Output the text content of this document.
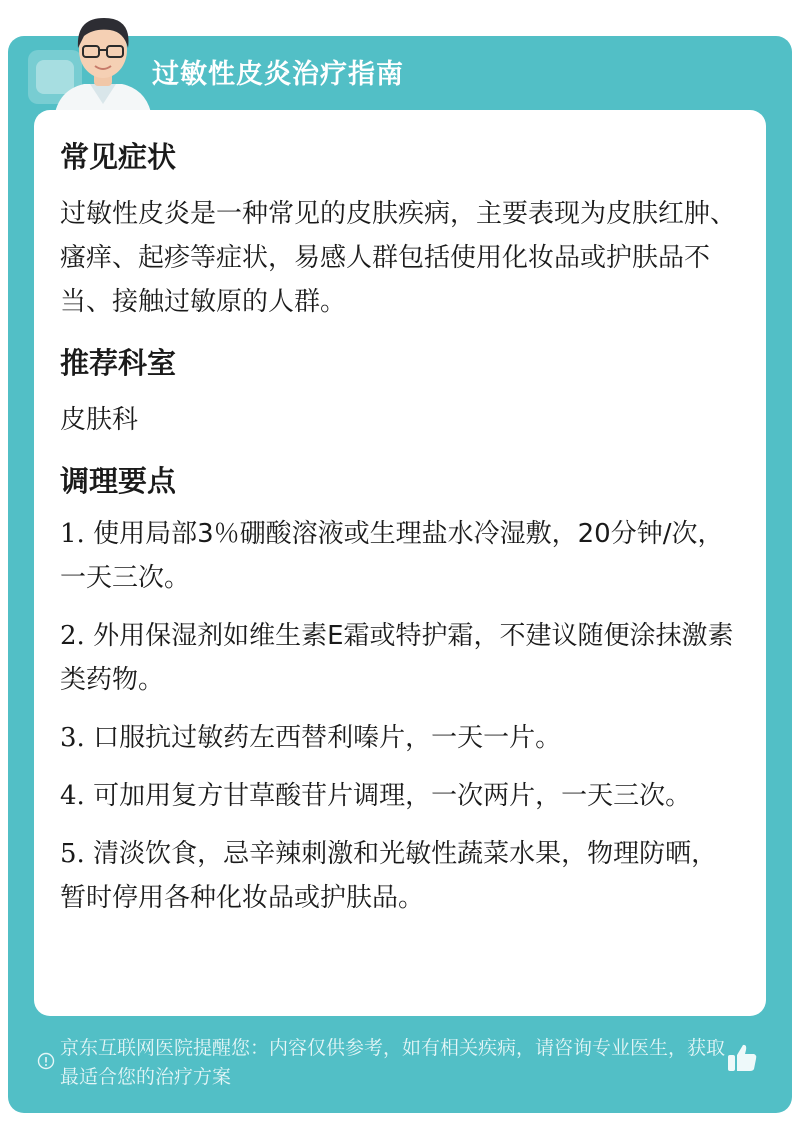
过敏性皮炎治疗指南
常见症状

过敏性皮炎是一种常见的皮肤疾病，主要表现为皮肤红肿、瘙痒、起疹等症状，易感人群包括使用化妆品或护肤品不当、接触过敏原的人群。

推荐科室

皮肤科

调理要点
1. 使用局部3％硼酸溶液或生理盐水冷湿敷，20分钟/次，一天三次。
2. 外用保湿剂如维生素E霜或特护霜，不建议随便涂抹激素类药物。
3. 口服抗过敏药左西替利嗪片，一天一片。
4. 可加用复方甘草酸苷片调理，一次两片，一天三次。
5. 清淡饮食，忌辛辣刺激和光敏性蔬菜水果，物理防晒，暂时停用各种化妆品或护肤品。
京东互联网医院提醒您：内容仅供参考，如有相关疾病，请咨询专业医生，获取最适合您的治疗方案
